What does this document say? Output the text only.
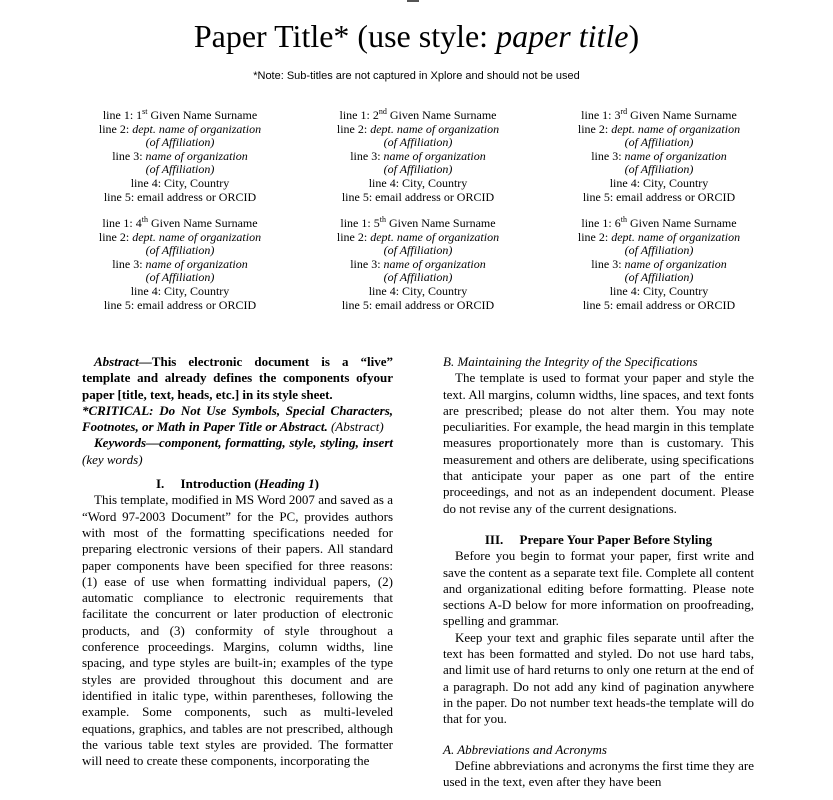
Paper Title* (use style: paper title)
*Note: Sub-titles are not captured in Xplore and should not be used
line 1: 1st Given Name Surname
line 2: dept. name of organization
(of Affiliation)
line 3: name of organization
(of Affiliation)
line 4: City, Country
line 5: email address or ORCID
line 1: 2nd Given Name Surname
line 2: dept. name of organization
(of Affiliation)
line 3: name of organization
(of Affiliation)
line 4: City, Country
line 5: email address or ORCID
line 1: 3rd Given Name Surname
line 2: dept. name of organization
(of Affiliation)
line 3: name of organization
(of Affiliation)
line 4: City, Country
line 5: email address or ORCID
line 1: 4th Given Name Surname
line 2: dept. name of organization
(of Affiliation)
line 3: name of organization
(of Affiliation)
line 4: City, Country
line 5: email address or ORCID
line 1: 5th Given Name Surname
line 2: dept. name of organization
(of Affiliation)
line 3: name of organization
(of Affiliation)
line 4: City, Country
line 5: email address or ORCID
line 1: 6th Given Name Surname
line 2: dept. name of organization
(of Affiliation)
line 3: name of organization
(of Affiliation)
line 4: City, Country
line 5: email address or ORCID

Abstract—This electronic document is a “live” template and already defines the components ofyour paper [title, text, heads, etc.] in its style sheet.

*CRITICAL: Do Not Use Symbols, Special Characters, Footnotes, or Math in Paper Title or Abstract. (Abstract)

Keywords—component, formatting, style, styling, insert (key words)

I. Introduction (Heading 1)

This template, modified in MS Word 2007 and saved as a “Word 97-2003 Document” for the PC, provides authors with most of the formatting specifications needed for preparing electronic versions of their papers. All standard paper components have been specified for three reasons: (1) ease of use when formatting individual papers, (2) automatic compliance to electronic requirements that facilitate the concurrent or later production of electronic products, and (3) conformity of style throughout a conference proceedings. Margins, column widths, line spacing, and type styles are built-in; examples of the type styles are provided throughout this document and are identified in italic type, within parentheses, following the example. Some components, such as multi-leveled equations, graphics, and tables are not prescribed, although the various table text styles are provided. The formatter will need to create these components, incorporating the

B. Maintaining the Integrity of the Specifications

The template is used to format your paper and style the text. All margins, column widths, line spaces, and text fonts are prescribed; please do not alter them. You may note peculiarities. For example, the head margin in this template measures proportionately more than is customary. This measurement and others are deliberate, using specifications that anticipate your paper as one part of the entire proceedings, and not as an independent document. Please do not revise any of the current designations.

III. Prepare Your Paper Before Styling

Before you begin to format your paper, first write and save the content as a separate text file. Complete all content and organizational editing before formatting. Please note sections A-D below for more information on proofreading, spelling and grammar.

Keep your text and graphic files separate until after the text has been formatted and styled. Do not use hard tabs, and limit use of hard returns to only one return at the end of a paragraph. Do not add any kind of pagination anywhere in the paper. Do not number text heads-the template will do that for you.

A. Abbreviations and Acronyms

Define abbreviations and acronyms the first time they are used in the text, even after they have been
